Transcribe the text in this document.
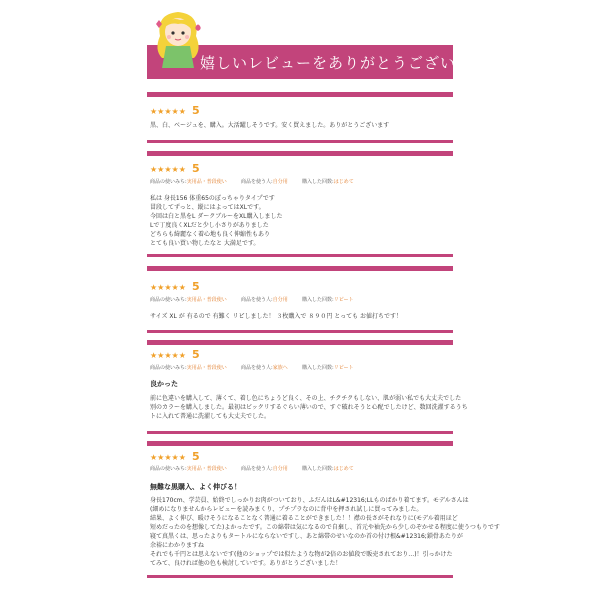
嬉しいレビューをありがとうございます
★★★★★ 5
黒、白、ベージュを、購入。大活躍しそうです。安く買えました。ありがとうございます
★★★★★ 5
商品の使いみち:実用品・普段使い	商品を使う人:自分用	購入した回数:はじめて
私は 身長156 体重65のぽっちゃりタイプです
冒段してずっと、縦にはよってはXLです。
今回は白と黒をL ダークブルーをXL購入しました
Lで丁度良くXLだと少し小さりがありました
どちらも綺麗なく着心地も良く伸縮性もあり
とても良い買い物したなと 大満足です。
★★★★★ 5
商品の使いみち:実用品・普段使い	商品を使う人:自分用	購入した回数:リピート
サイズ XL が 有るので 有難く リピしました！ ３枚購入で ８９０円 とっても お値打ちです！
★★★★★ 5
商品の使いみち:実用品・普段使い	商品を使う人:家族へ	購入した回数:リピート
良かった
前に色違いを購入して、薄くて、着し色にちょうど良く、その上、チクチクもしない、肌が弱い私でも大丈夫でした
別のカラーを購入しました。最初はビックリするぐらい薄いので、すぐ破れそうと心配でしたけど、数回洗濯するうち
トに入れて普通に洗濯しても大丈夫でした。
★★★★★ 5
商品の使いみち:実用品・普段使い	商品を使う人:自分用	購入した回数:はじめて
無難な黒購入、よく伸びる！
身長170cm、学芸員、始終でしっかりお肉がついており、ふだんはL&#12316;LLものばかり着てます。モデルさんは
(細めになりませんからレビューを読みまくり、プチプラなのに背中を押され試しに買ってみました。
結果、よく伸び、暖けそうになることなく普通に着ることができました！！襟の長さがそれなりに(モデル着用ほど
短めだったのを想像してた)よかったです。この綿帯は気になるので自棄し、首元や袖先から少しのぞかせる程度に使うつもりです
寝て真黒くは、思ったよりもタートルにならないですし、あと綿帯のせいなのか首の付け根&#12316;鎖骨あたりが
余裕にわかりますね
それでも千円とは思えないです(他のショップでは似たような物が2倍のお値段で販売されており…)！引っかけた
てみて、良ければ他の色も検討していです。ありがとうございました！
